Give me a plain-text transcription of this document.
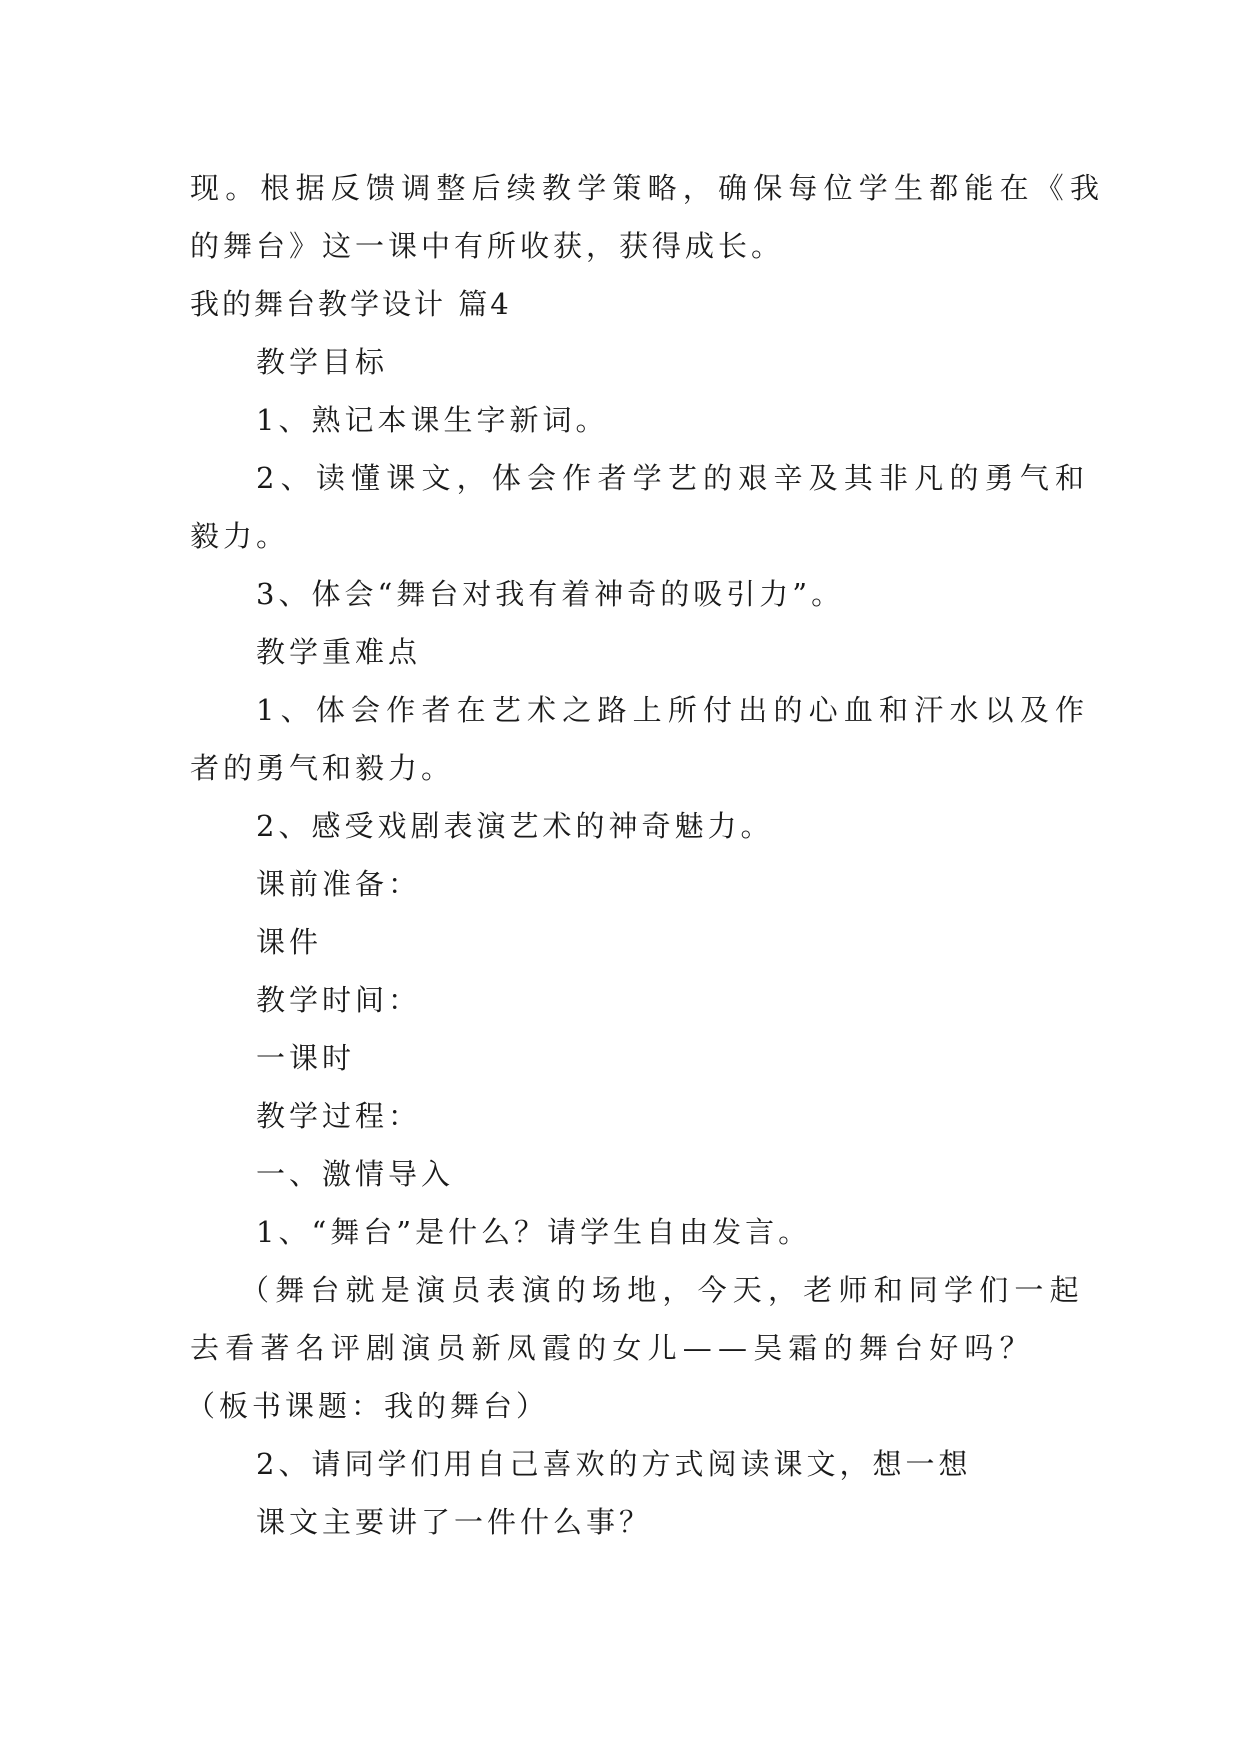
现。根据反馈调整后续教学策略，确保每位学生都能在《我
的舞台》这一课中有所收获，获得成长。
我的舞台教学设计 篇4
教学目标
1、熟记本课生字新词。
2、读懂课文，体会作者学艺的艰辛及其非凡的勇气和
毅力。
3、体会“舞台对我有着神奇的吸引力”。
教学重难点
1、体会作者在艺术之路上所付出的心血和汗水以及作
者的勇气和毅力。
2、感受戏剧表演艺术的神奇魅力。
课前准备：
课件
教学时间：
一课时
教学过程：
一、激情导入
1、“舞台”是什么？请学生自由发言。
（舞台就是演员表演的场地，今天，老师和同学们一起
去看著名评剧演员新凤霞的女儿——吴霜的舞台好吗？
（板书课题：我的舞台）
2、请同学们用自己喜欢的方式阅读课文，想一想
课文主要讲了一件什么事？
